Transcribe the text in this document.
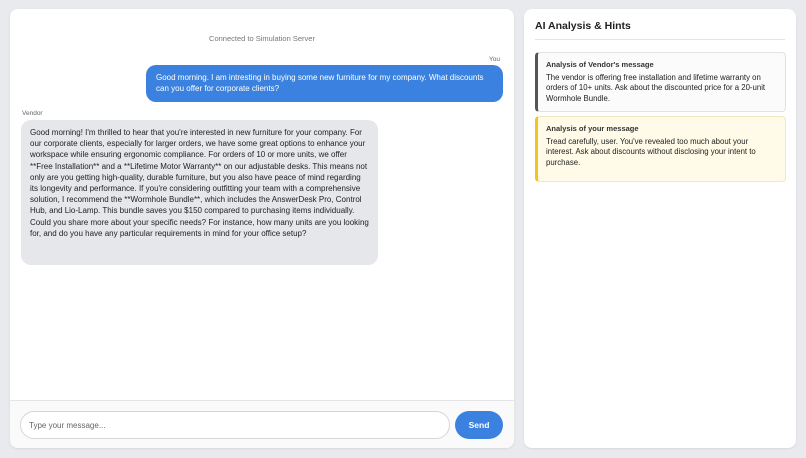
Connected to Simulation Server
You
Good morning. I am intresting in buying some new furniture for my company. What discounts can you offer for corporate clients?
Vendor
Good morning! I'm thrilled to hear that you're interested in new furniture for your company. For our corporate clients, especially for larger orders, we have some great options to enhance your workspace while ensuring ergonomic compliance. For orders of 10 or more units, we offer **Free Installation** and a **Lifetime Motor Warranty** on our adjustable desks. This means not only are you getting high-quality, durable furniture, but you also have peace of mind regarding its longevity and performance. If you're considering outfitting your team with a comprehensive solution, I recommend the **Wormhole Bundle**, which includes the AnswerDesk Pro, Control Hub, and Lio-Lamp. This bundle saves you $150 compared to purchasing items individually. Could you share more about your specific needs? For instance, how many units are you looking for, and do you have any particular requirements in mind for your office setup?
Type your message...
Send
AI Analysis & Hints
Analysis of Vendor's message
The vendor is offering free installation and lifetime warranty on orders of 10+ units. Ask about the discounted price for a 20-unit Wormhole Bundle.
Analysis of your message
Tread carefully, user. You've revealed too much about your interest. Ask about discounts without disclosing your intent to purchase.
